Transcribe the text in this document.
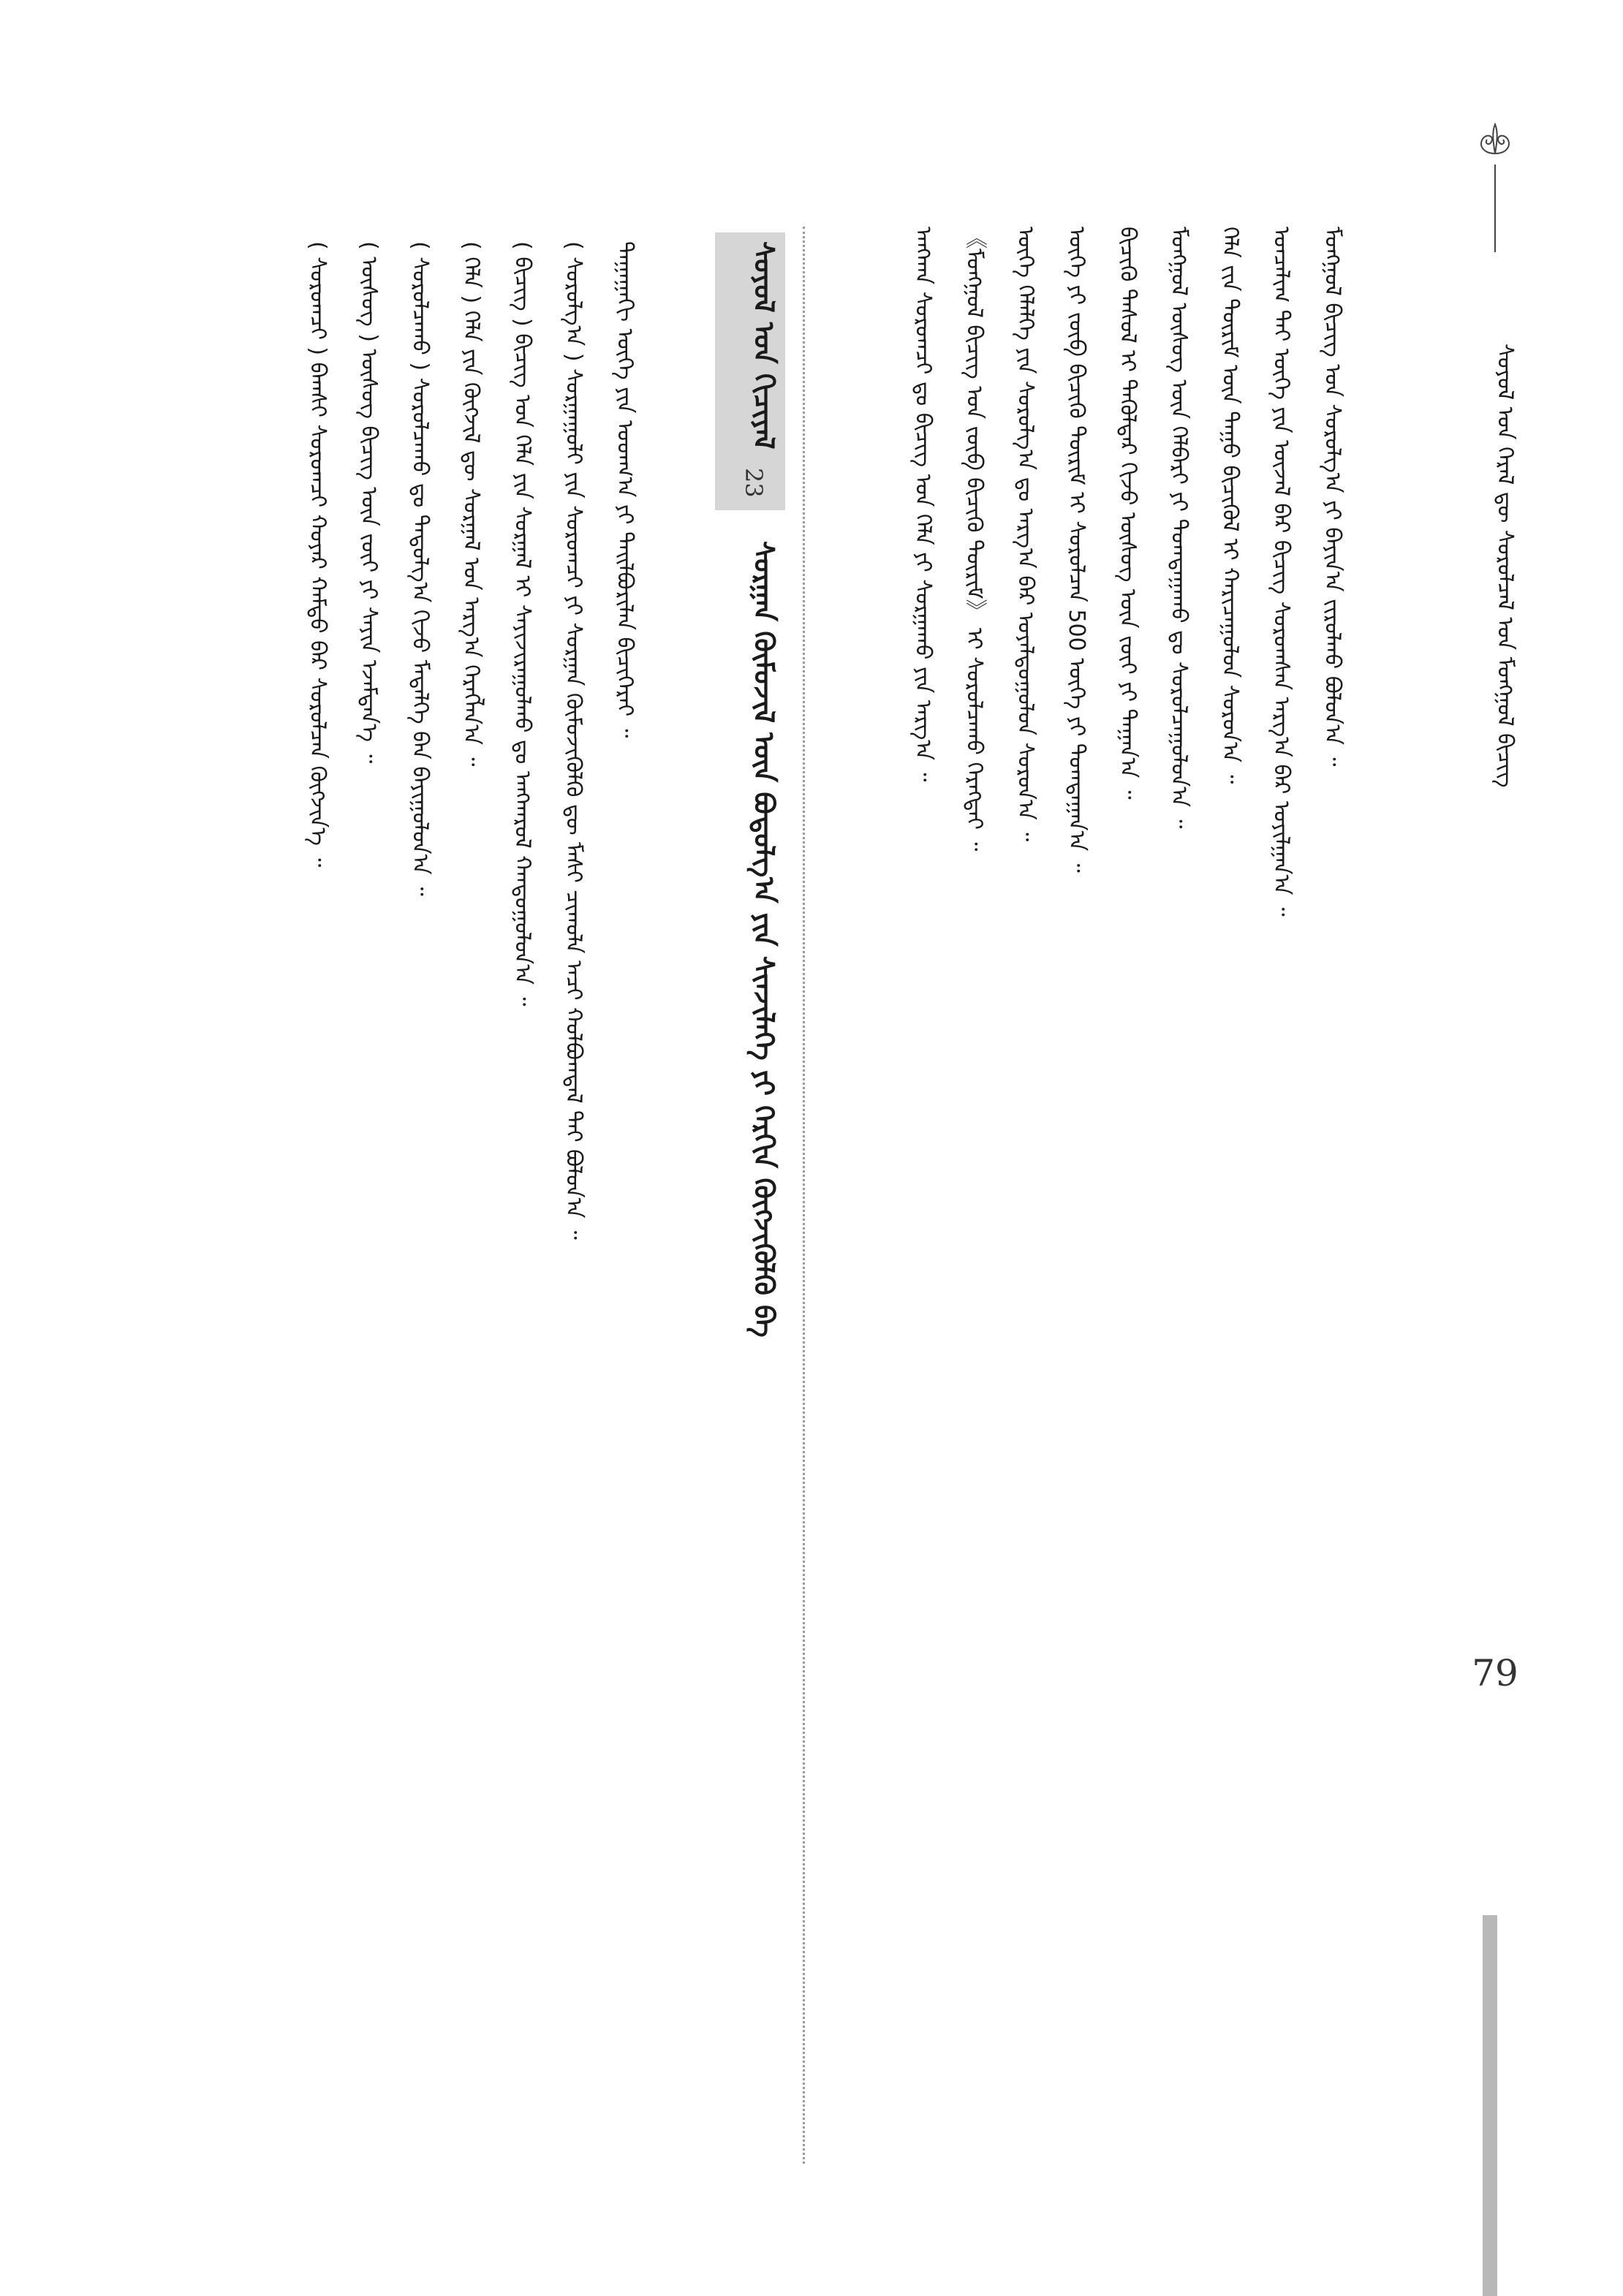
ᠰᠣᠶᠣᠯ ᠤᠨ ᠭᠡᠷᠡᠯ ᠳᠦ ᠰᠤᠷᠤᠯᠴᠠᠯ ᠤᠨ ᠮᠣᠩᠭᠣᠯ ᠪᠢᠴᠢᠭ
79
ᠮᠣᠩᠭᠣᠯ ᠪᠢᠴᠢᠭ ᠤᠨ ᠰᠤᠷᠤᠯᠭ᠎ᠠ ᠶᠢ ᠪᠠᠶᠢᠨ᠎ᠠ ᠵᠢᠷᠤᠯᠬᠤ ᠪᠣᠯᠤᠨ᠎ᠠ ᠃
ᠣᠨᠴᠠᠯᠢᠭ ᠲᠠᠢ ᠦᠭᠡ ᠶᠢᠨ ᠦᠵᠡᠯ ᠪᠡᠷ ᠪᠢᠴᠢᠭ ᠰᠤᠷᠤᠭᠰᠠᠨ ᠠᠷᠭ᠎ᠠ ᠪᠠᠷ ᠣᠶᠢᠯᠭᠠᠨ᠎ᠠ ᠃
ᠬᠡᠯᠡ ᠵᠢᠨ ᠳᠦᠷᠢᠮ ᠦᠨ ᠳᠠᠭᠤ ᠪᠢᠴᠢᠭᠦᠯ ᠢ ᠬᠠᠷᠢᠴᠠᠭᠤᠯᠤᠨ ᠰᠤᠷᠤᠨ᠎ᠠ ᠃
ᠮᠣᠩᠭᠣᠯ ᠦᠰᠦᠭ ᠦᠨ ᠬᠡᠯᠪᠡᠷᠢ ᠶᠢ ᠲᠣᠭᠲᠠᠭᠠᠬᠤ ᠳᠤ ᠰᠤᠷᠤᠯᠴᠠᠭᠤᠯᠤᠨ᠎ᠠ ᠃
ᠪᠢᠴᠢᠬᠦ ᠳᠠᠰᠤᠯ ᠢ ᠲᠡᠭᠦᠯᠳᠡᠷ ᠬᠢᠵᠦ ᠦᠰᠦᠭ ᠦᠨ ᠵᠦᠢ ᠶᠢ ᠳᠠᠭᠠᠨ᠎ᠠ ᠃
ᠦᠭᠡ ᠶᠢ ᠵᠥᠪ ᠪᠢᠴᠢᠬᠦ ᠳᠦᠷᠢᠮ ᠢ ᠰᠤᠷᠤᠯᠴᠠᠨ 500 ᠦᠭᠡ ᠶᠢ ᠲᠣᠭᠲᠠᠭᠠᠨ᠎ᠠ ᠃
ᠦᠭᠡ ᠬᠡᠯᠡᠯᠭᠡ ᠶᠢᠨ ᠰᠤᠷᠤᠯᠭ᠎ᠠ ᠳᠤ ᠠᠷᠭ᠎ᠠ ᠪᠠᠷ ᠤᠶᠠᠯᠳᠤᠭᠤᠯᠤᠨ ᠰᠤᠷᠤᠨ᠎ᠠ ᠃
《ᠮᠣᠩᠭᠣᠯ ᠪᠢᠴᠢᠭ ᠤᠨ ᠵᠥᠪ ᠪᠢᠴᠢᠬᠦ ᠳᠦᠷᠢᠮ》 ᠢ ᠰᠤᠷᠤᠯᠴᠠᠬᠤ ᠬᠡᠷᠡᠭᠲᠡᠢ ᠃
ᠠᠩᠬᠠᠨ ᠰᠤᠷᠤᠭᠴᠢ ᠳᠤ ᠪᠢᠴᠢᠭ ᠤᠨ ᠬᠡᠯᠡ ᠶᠢ ᠰᠤᠷᠭᠠᠬᠤ ᠶᠢᠨ ᠠᠷᠭ᠎ᠠ ᠃
ᠰᠣᠶᠣᠯ ᠤᠨ ᠬᠢᠴᠢᠶᠡᠯ
23
ᠰᠤᠷᠭᠠᠨ ᠬᠦᠮᠦᠵᠢᠯ ᠦᠨ ᠪᠣᠳᠤᠯᠭ᠎ᠠ ᠶᠢᠨ ᠰᠢᠨᠵᠢᠯᠡᠭᠡ ᠶᠢ ᠬᠡᠷᠬᠢᠨ ᠬᠦᠭᠵᠢᠭᠦᠯᠬᠦ ᠪᠡ
ᠳᠠᠭᠠᠭᠠᠬᠢ ᠦᠭᠡ ᠶᠢᠨ ᠤᠳᠬ᠎ᠠ ᠶᠢ ᠲᠠᠢᠯᠪᠤᠷᠢᠯᠠᠨ ᠪᠢᠴᠢᠭᠡᠷᠡᠢ ᠃
( ᠰᠤᠷᠤᠯᠭ᠎ᠠ ) ᠰᠤᠷᠭᠠᠭᠤᠯᠢ ᠶᠢᠨ ᠰᠤᠷᠤᠭᠴᠢ ᠶᠢ ᠰᠤᠷᠭᠠᠨ ᠬᠦᠮᠦᠵᠢᠭᠦᠯᠬᠦ ᠳᠦ ᠮᠠᠰᠢ ᠴᠢᠬᠤᠯᠠ ᠠᠴᠢ ᠬᠣᠯᠪᠣᠭᠳᠠᠯ ᠲᠠᠢ ᠪᠣᠯᠤᠨ᠎ᠠ ᠃
( ᠪᠢᠴᠢᠭ ) ᠪᠢᠴᠢᠭ ᠤᠨ ᠬᠡᠯᠡ ᠶᠢᠨ ᠰᠤᠷᠭᠠᠯ ᠢ ᠰᠠᠶᠢᠵᠢᠷᠠᠭᠤᠯᠬᠤ ᠳᠤ ᠠᠩᠬᠠᠷᠤᠯ ᠬᠠᠨᠳᠤᠭᠤᠯᠤᠨ᠎ᠠ ᠃
( ᠬᠡᠯᠡ ) ᠬᠡᠯᠡ ᠶᠢᠨ ᠬᠥᠭᠵᠢᠯ ᠳᠦ ᠰᠤᠷᠭᠠᠯ ᠤᠨ ᠠᠷᠭ᠎ᠠ ᠬᠡᠷᠡᠭᠯᠡᠨ᠎ᠠ ᠃
( ᠰᠤᠷᠤᠯᠴᠠᠬᠤ ) ᠰᠤᠷᠤᠯᠴᠠᠬᠤ ᠳᠤ ᠳᠠᠳᠤᠯᠭ᠎ᠠ ᠬᠢᠵᠦ ᠮᠡᠳᠡᠯᠭᠡ ᠪᠡᠨ ᠪᠠᠶᠢᠭᠤᠯᠤᠨ᠎ᠠ ᠃
( ᠦᠰᠦᠭ ) ᠦᠰᠦᠭ ᠪᠢᠴᠢᠭ ᠦᠨ ᠵᠦᠢ ᠶᠢ ᠰᠠᠶᠢᠨ ᠡᠵᠡᠮᠳᠡᠨ᠎ᠡ ᠃
( ᠰᠤᠷᠤᠭᠴᠢ ) ᠪᠠᠭᠰᠢ ᠰᠤᠷᠤᠭᠴᠢ ᠬᠣᠶᠠᠷ ᠬᠠᠮᠲᠤ ᠪᠡᠷ ᠰᠤᠷᠤᠯᠴᠠᠨ ᠬᠥᠭᠵᠢᠨ᠎ᠡ ᠃
